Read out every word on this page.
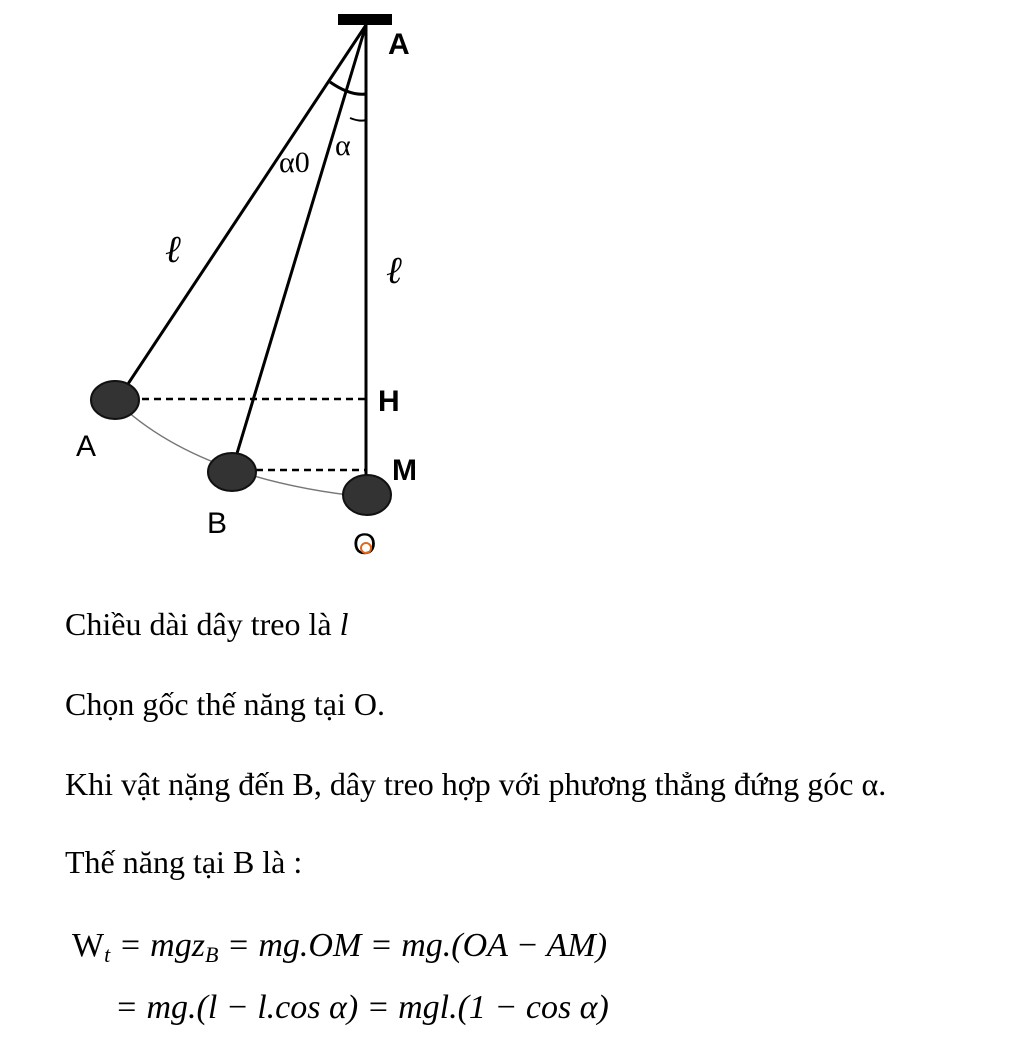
A
A
B
O
H
M
α0
α
ℓ	ℓ

Chiều dài dây treo là l

Chọn gốc thế năng tại O.

Khi vật nặng đến B, dây treo hợp với phương thẳng đứng góc α.

Thế năng tại B là :

$W_t = mgz_B = mg.OM = mg.(OA - AM)$

= mg.(l − l.cos α) = mgl.(1 − cos α)
